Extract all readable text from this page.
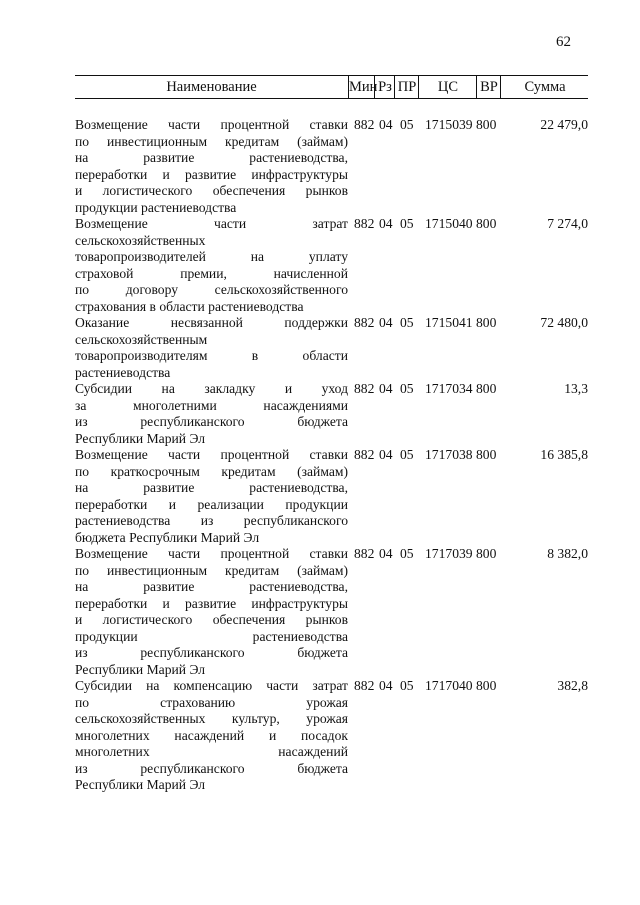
62
Наименование	Мин Рз ПР	ЦС	ВР	Сумма
Возмещение части процентной ставки
по инвестиционным кредитам (займам)
на развитие растениеводства,
переработки и развитие инфраструктуры
и логистического обеспечения рынков
продукции растениеводства
882 04 05 1715039 800	22 479,0
Возмещение части затрат
сельскохозяйственных
товаропроизводителей на уплату
страховой премии, начисленной
по договору сельскохозяйственного
страхования в области растениеводства
882 04 05 1715040 800	7 274,0
Оказание несвязанной поддержки
сельскохозяйственным
товаропроизводителям в области
растениеводства
882 04 05 1715041 800	72 480,0
Субсидии на закладку и уход
за многолетними насаждениями
из республиканского бюджета
Республики Марий Эл
882 04 05 1717034 800	13,3
Возмещение части процентной ставки
по краткосрочным кредитам (займам)
на развитие растениеводства,
переработки и реализации продукции
растениеводства из республиканского
бюджета Республики Марий Эл
882 04 05 1717038 800	16 385,8
Возмещение части процентной ставки
по инвестиционным кредитам (займам)
на развитие растениеводства,
переработки и развитие инфраструктуры
и логистического обеспечения рынков
продукции растениеводства
из республиканского бюджета
Республики Марий Эл
882 04 05 1717039 800	8 382,0
Субсидии на компенсацию части затрат
по страхованию урожая
сельскохозяйственных культур, урожая
многолетних насаждений и посадок
многолетних насаждений
из республиканского бюджета
Республики Марий Эл
882 04 05 1717040 800	382,8
